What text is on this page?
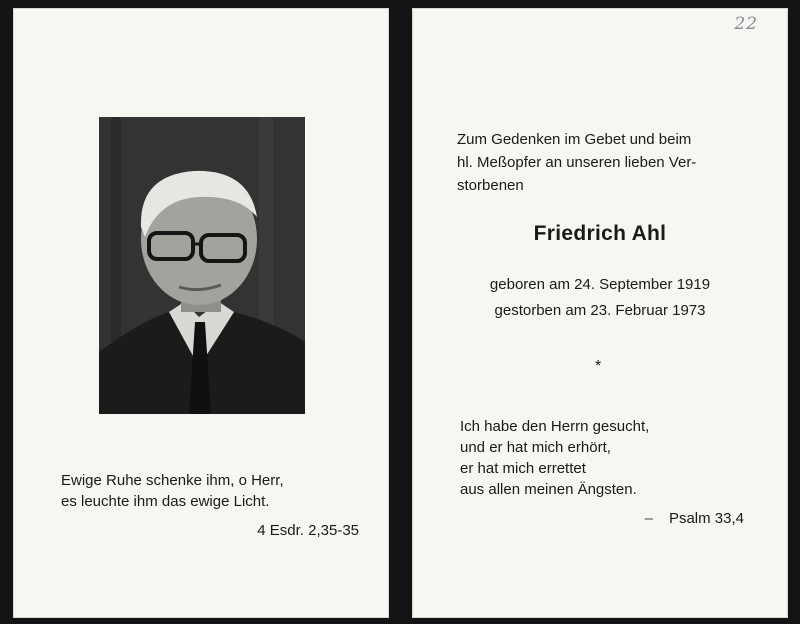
Ewige Ruhe schenke ihm, o Herr,
es leuchte ihm das ewige Licht.
4 Esdr. 2,35-35
22
Zum Gedenken im Gebet und beim
hl. Meßopfer an unseren lieben Ver-
storbenen
Friedrich Ahl
geboren am 24. September 1919
gestorben am 23. Februar 1973
*
Ich habe den Herrn gesucht,
und er hat mich erhört,
er hat mich errettet
aus allen meinen Ängsten.
– Psalm 33,4
